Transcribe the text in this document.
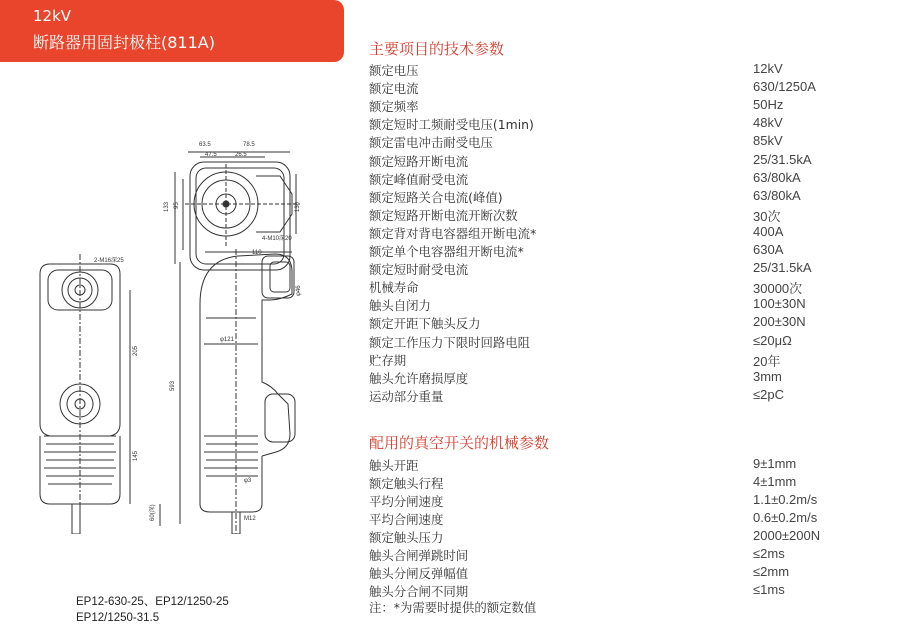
12kV
断路器用固封极柱(811A)
63.5	78.5
47.5	26.5
133 95	130
4-M10深20
2-M16深25
205
145
110
φ46
φ121
593
φ3
60(深)	M12
EP12-630-25、EP12/1250-25
EP12/1250-31.5
主要项目的技术参数
额定电压	12kV
额定电流	630/1250A
额定频率	50Hz
额定短时工频耐受电压(1min)	48kV
额定雷电冲击耐受电压	85kV
额定短路开断电流	25/31.5kA
额定峰值耐受电流	63/80kA
额定短路关合电流(峰值)	63/80kA
额定短路开断电流开断次数	30次
额定背对背电容器组开断电流*	400A
额定单个电容器组开断电流*	630A
额定短时耐受电流	25/31.5kA
机械寿命	30000次
触头自闭力	100±30N
额定开距下触头反力	200±30N
额定工作压力下限时回路电阻	≤20μΩ
贮存期	20年
触头允许磨损厚度	3mm
运动部分重量	≤2pC
配用的真空开关的机械参数
触头开距	9±1mm
额定触头行程	4±1mm
平均分闸速度	1.1±0.2m/s
平均合闸速度	0.6±0.2m/s
额定触头压力	2000±200N
触头合闸弹跳时间	≤2ms
触头分闸反弹幅值	≤2mm
触头分合闸不同期	≤1ms
注：*为需要时提供的额定数值
